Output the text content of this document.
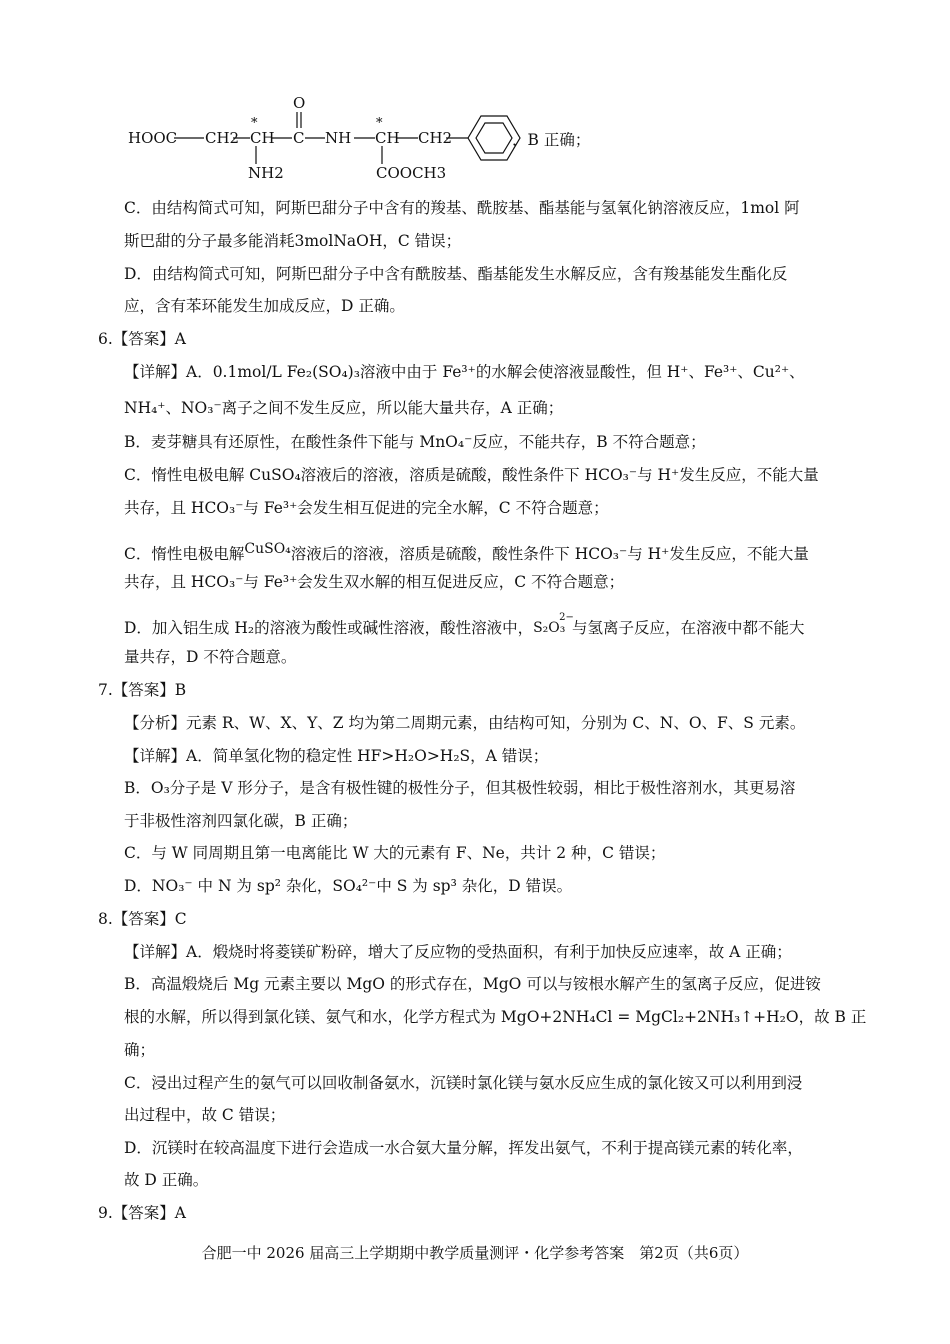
HOOC CH2 CH
*
C
O
NH CH
*
CH2
NH2	COOCH3
，B 正确；
C．由结构简式可知，阿斯巴甜分子中含有的羧基、酰胺基、酯基能与氢氧化钠溶液反应，1mol 阿
斯巴甜的分子最多能消耗3molNaOH，C 错误；
D．由结构简式可知，阿斯巴甜分子中含有酰胺基、酯基能发生水解反应，含有羧基能发生酯化反
应，含有苯环能发生加成反应，D 正确。
6.【答案】A
【详解】A．0.1mol/L Fe₂(SO₄)₃溶液中由于 Fe³⁺的水解会使溶液显酸性，但 H⁺、Fe³⁺、Cu²⁺、
NH₄⁺、NO₃⁻离子之间不发生反应，所以能大量共存，A 正确；
B．麦芽糖具有还原性，在酸性条件下能与 MnO₄⁻反应，不能共存，B 不符合题意；
C．惰性电极电解 CuSO₄溶液后的溶液，溶质是硫酸，酸性条件下 HCO₃⁻与 H⁺发生反应，不能大量
共存，且 HCO₃⁻与 Fe³⁺会发生相互促进的完全水解，C 不符合题意；
C．惰性电极电解CuSO₄溶液后的溶液，溶质是硫酸，酸性条件下 HCO₃⁻与 H⁺发生反应，不能大量
共存，且 HCO₃⁻与 Fe³⁺会发生双水解的相互促进反应，C 不符合题意；
D．加入铝生成 H₂的溶液为酸性或碱性溶液，酸性溶液中， S₂O₃
2−
与氢离子反应，在溶液中都不能大
量共存，D 不符合题意。
7.【答案】B
【分析】元素 R、W、X、Y、Z 均为第二周期元素，由结构可知，分别为 C、N、O、F、S 元素。
【详解】A．简单氢化物的稳定性 HF>H₂O>H₂S，A 错误；
B．O₃分子是 V 形分子，是含有极性键的极性分子，但其极性较弱，相比于极性溶剂水，其更易溶
于非极性溶剂四氯化碳，B 正确；
C．与 W 同周期且第一电离能比 W 大的元素有 F、Ne，共计 2 种，C 错误；
D．NO₃⁻ 中 N 为 sp² 杂化，SO₄²⁻中 S 为 sp³ 杂化，D 错误。
8.【答案】C
【详解】A．煅烧时将菱镁矿粉碎，增大了反应物的受热面积，有利于加快反应速率，故 A 正确；
B．高温煅烧后 Mg 元素主要以 MgO 的形式存在，MgO 可以与铵根水解产生的氢离子反应，促进铵
根的水解，所以得到氯化镁、氨气和水，化学方程式为 MgO+2NH₄Cl = MgCl₂+2NH₃↑+H₂O，故 B 正
确；
C．浸出过程产生的氨气可以回收制备氨水，沉镁时氯化镁与氨水反应生成的氯化铵又可以利用到浸
出过程中，故 C 错误；
D．沉镁时在较高温度下进行会造成一水合氨大量分解，挥发出氨气，不利于提高镁元素的转化率，
故 D 正确。
9.【答案】A
合肥一中 2026 届高三上学期期中教学质量测评・化学参考答案　第2页（共6页）
